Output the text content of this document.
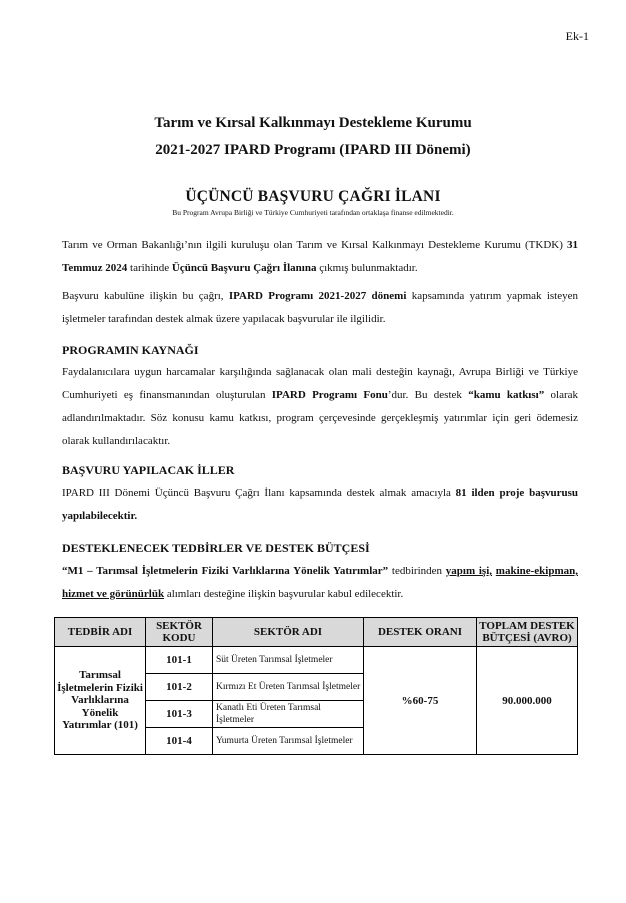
Ek-1
Tarım ve Kırsal Kalkınmayı Destekleme Kurumu
2021-2027 IPARD Programı (IPARD III Dönemi)
ÜÇÜNCÜ BAŞVURU ÇAĞRI İLANI
Bu Program Avrupa Birliği ve Türkiye Cumhuriyeti tarafından ortaklaşa finanse edilmektedir.
Tarım ve Orman Bakanlığı’nın ilgili kuruluşu olan Tarım ve Kırsal Kalkınmayı Destekleme Kurumu (TKDK) 31 Temmuz 2024 tarihinde Üçüncü Başvuru Çağrı İlanına çıkmış bulunmaktadır.
Başvuru kabulüne ilişkin bu çağrı, IPARD Programı 2021-2027 dönemi kapsamında yatırım yapmak isteyen işletmeler tarafından destek almak üzere yapılacak başvurular ile ilgilidir.
PROGRAMIN KAYNAĞI
Faydalanıcılara uygun harcamalar karşılığında sağlanacak olan mali desteğin kaynağı, Avrupa Birliği ve Türkiye Cumhuriyeti eş finansmanından oluşturulan IPARD Programı Fonu’dur. Bu destek “kamu katkısı” olarak adlandırılmaktadır. Söz konusu kamu katkısı, program çerçevesinde gerçekleşmiş yatırımlar için geri ödemesiz olarak kullandırılacaktır.
BAŞVURU YAPILACAK İLLER
IPARD III Dönemi Üçüncü Başvuru Çağrı İlanı kapsamında destek almak amacıyla 81 ilden proje başvurusu yapılabilecektir.
DESTEKLENECEK TEDBİRLER VE DESTEK BÜTÇESİ
“M1 – Tarımsal İşletmelerin Fiziki Varlıklarına Yönelik Yatırımlar” tedbirinden yapım işi, makine-ekipman, hizmet ve görünürlük alımları desteğine ilişkin başvurular kabul edilecektir.
TEDBİR ADI	SEKTÖR KODU	SEKTÖR ADI	DESTEK ORANI	TOPLAM DESTEK BÜTÇESİ (AVRO)
Tarımsal İşletmelerin Fiziki Varlıklarına Yönelik Yatırımlar (101)	101-1	Süt Üreten Tarımsal İşletmeler	%60-75	90.000.000
	101-2	Kırmızı Et Üreten Tarımsal İşletmeler		
	101-3	Kanatlı Eti Üreten Tarımsal İşletmeler		
	101-4	Yumurta Üreten Tarımsal İşletmeler		
